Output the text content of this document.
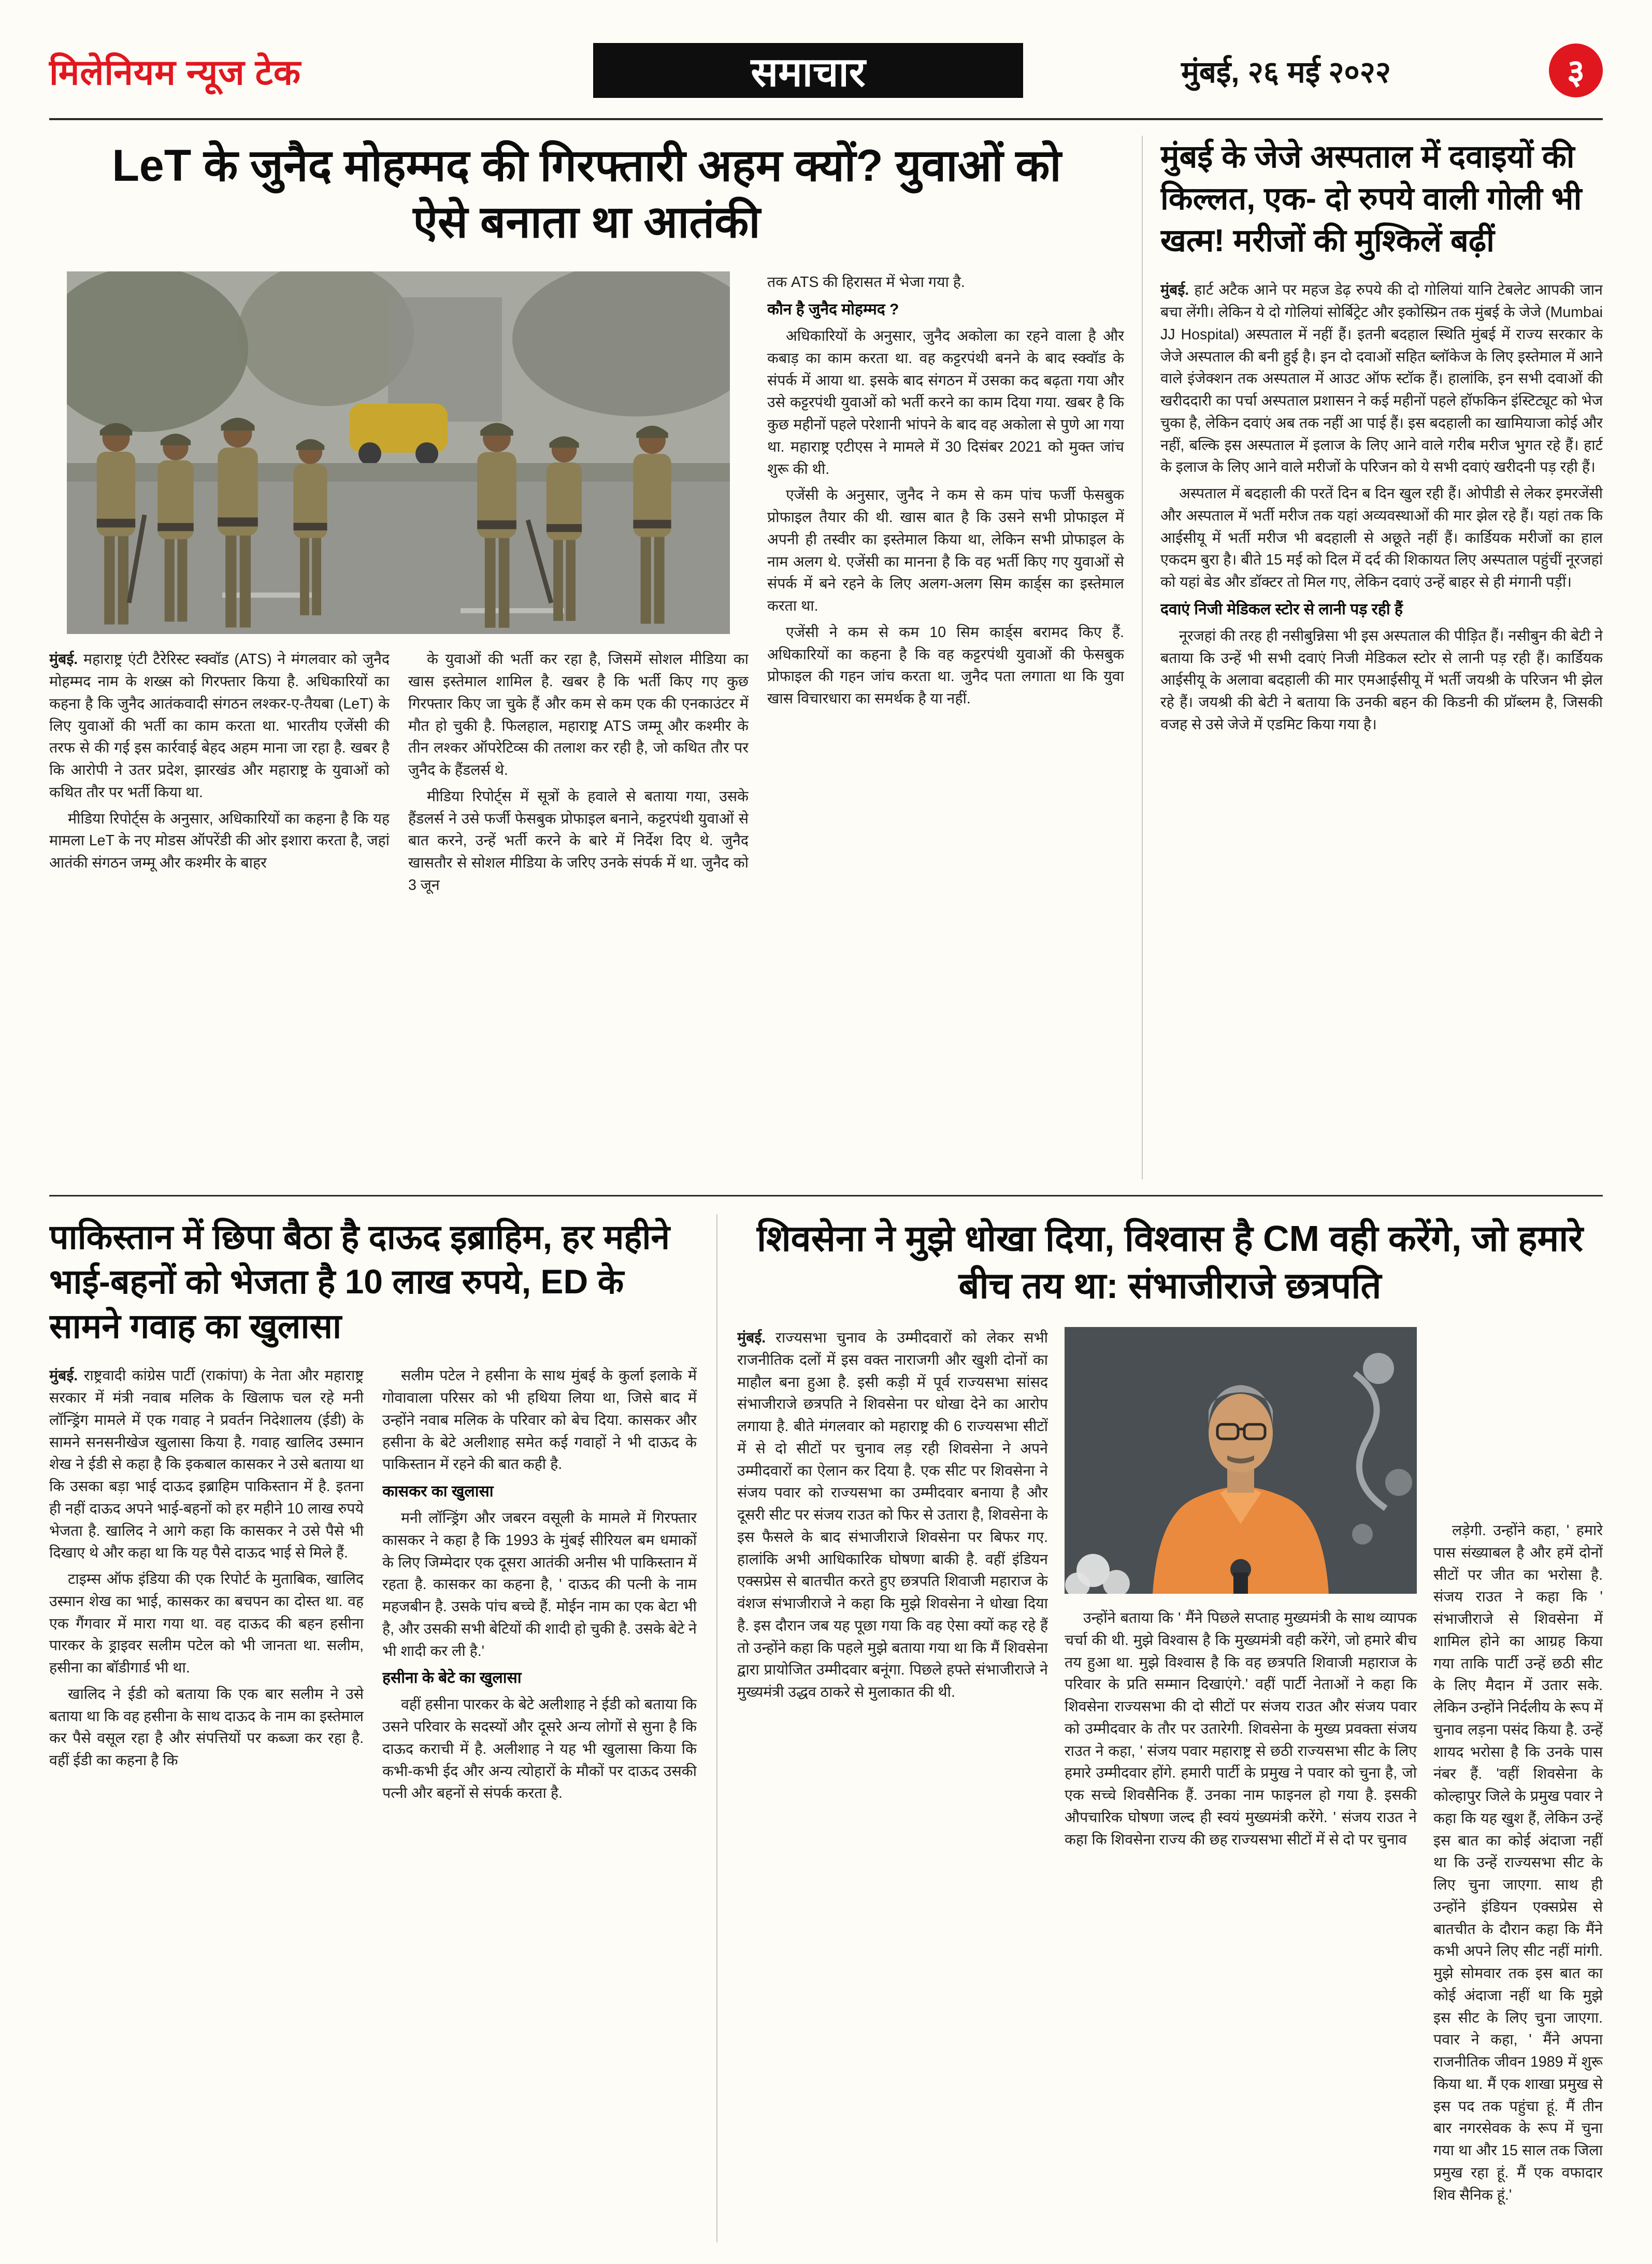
मिलेनियम न्यूज टेक	समाचार	मुंबई, २६ मई २०२२	३
LeT के जुनैद मोहम्मद की गिरफ्तारी अहम क्यों? युवाओं को ऐसे बनाता था आतंकी

मुंबई. महाराष्ट्र एंटी टैरेरिस्ट स्क्वॉड (ATS) ने मंगलवार को जुनैद मोहम्मद नाम के शख्स को गिरफ्तार किया है. अधिकारियों का कहना है कि जुनैद आतंकवादी संगठन लश्कर-ए-तैयबा (LeT) के लिए युवाओं की भर्ती का काम करता था. भारतीय एजेंसी की तरफ से की गई इस कार्रवाई बेहद अहम माना जा रहा है. खबर है कि आरोपी ने उतर प्रदेश, झारखंड और महाराष्ट्र के युवाओं को कथित तौर पर भर्ती किया था.

मीडिया रिपोर्ट्स के अनुसार, अधिकारियों का कहना है कि यह मामला LeT के नए मोडस ऑपरेंडी की ओर इशारा करता है, जहां आतंकी संगठन जम्मू और कश्मीर के बाहर

के युवाओं की भर्ती कर रहा है, जिसमें सोशल मीडिया का खास इस्तेमाल शामिल है. खबर है कि भर्ती किए गए कुछ गिरफ्तार किए जा चुके हैं और कम से कम एक की एनकाउंटर में मौत हो चुकी है. फिलहाल, महाराष्ट्र ATS जम्मू और कश्मीर के तीन लश्कर ऑपरेटिव्स की तलाश कर रही है, जो कथित तौर पर जुनैद के हैंडलर्स थे.

मीडिया रिपोर्ट्स में सूत्रों के हवाले से बताया गया, उसके हैंडलर्स ने उसे फर्जी फेसबुक प्रोफाइल बनाने, कट्टरपंथी युवाओं से बात करने, उन्हें भर्ती करने के बारे में निर्देश दिए थे. जुनैद खासतौर से सोशल मीडिया के जरिए उनके संपर्क में था. जुनैद को 3 जून

तक ATS की हिरासत में भेजा गया है.

कौन है जुनैद मोहम्मद ?

अधिकारियों के अनुसार, जुनैद अकोला का रहने वाला है और कबाड़ का काम करता था. वह कट्टरपंथी बनने के बाद स्क्वॉड के संपर्क में आया था. इसके बाद संगठन में उसका कद बढ़ता गया और उसे कट्टरपंथी युवाओं को भर्ती करने का काम दिया गया. खबर है कि कुछ महीनों पहले परेशानी भांपने के बाद वह अकोला से पुणे आ गया था. महाराष्ट्र एटीएस ने मामले में 30 दिसंबर 2021 को मुक्त जांच शुरू की थी.

एजेंसी के अनुसार, जुनैद ने कम से कम पांच फर्जी फेसबुक प्रोफाइल तैयार की थी. खास बात है कि उसने सभी प्रोफाइल में अपनी ही तस्वीर का इस्तेमाल किया था, लेकिन सभी प्रोफाइल के नाम अलग थे. एजेंसी का मानना है कि वह भर्ती किए गए युवाओं से संपर्क में बने रहने के लिए अलग-अलग सिम कार्ड्स का इस्तेमाल करता था.

एजेंसी ने कम से कम 10 सिम कार्ड्स बरामद किए हैं. अधिकारियों का कहना है कि वह कट्टरपंथी युवाओं की फेसबुक प्रोफाइल की गहन जांच करता था. जुनैद पता लगाता था कि युवा खास विचारधारा का समर्थक है या नहीं.

मुंबई के जेजे अस्पताल में दवाइयों की किल्लत, एक- दो रुपये वाली गोली भी खत्म! मरीजों की मुश्किलें बढ़ीं

मुंबई. हार्ट अटैक आने पर महज डेढ़ रुपये की दो गोलियां यानि टेबलेट आपकी जान बचा लेंगी। लेकिन ये दो गोलियां सोर्बिट्रेट और इकोस्प्रिन तक मुंबई के जेजे (Mumbai JJ Hospital) अस्पताल में नहीं हैं। इतनी बदहाल स्थिति मुंबई में राज्य सरकार के जेजे अस्पताल की बनी हुई है। इन दो दवाओं सहित ब्लॉकेज के लिए इस्तेमाल में आने वाले इंजेक्शन तक अस्पताल में आउट ऑफ स्टॉक हैं। हालांकि, इन सभी दवाओं की खरीददारी का पर्चा अस्पताल प्रशासन ने कई महीनों पहले हॉफकिन इंस्टिट्यूट को भेज चुका है, लेकिन दवाएं अब तक नहीं आ पाई हैं। इस बदहाली का खामियाजा कोई और नहीं, बल्कि इस अस्पताल में इलाज के लिए आने वाले गरीब मरीज भुगत रहे हैं। हार्ट के इलाज के लिए आने वाले मरीजों के परिजन को ये सभी दवाएं खरीदनी पड़ रही हैं।

अस्पताल में बदहाली की परतें दिन ब दिन खुल रही हैं। ओपीडी से लेकर इमरजेंसी और अस्पताल में भर्ती मरीज तक यहां अव्यवस्थाओं की मार झेल रहे हैं। यहां तक कि आईसीयू में भर्ती मरीज भी बदहाली से अछूते नहीं हैं। कार्डियक मरीजों का हाल एकदम बुरा है। बीते 15 मई को दिल में दर्द की शिकायत लिए अस्पताल पहुंचीं नूरजहां को यहां बेड और डॉक्टर तो मिल गए, लेकिन दवाएं उन्हें बाहर से ही मंगानी पड़ीं।

दवाएं निजी मेडिकल स्टोर से लानी पड़ रही हैं

नूरजहां की तरह ही नसीबुन्निसा भी इस अस्पताल की पीड़ित हैं। नसीबुन की बेटी ने बताया कि उन्हें भी सभी दवाएं निजी मेडिकल स्टोर से लानी पड़ रही हैं। कार्डियक आईसीयू के अलावा बदहाली की मार एमआईसीयू में भर्ती जयश्री के परिजन भी झेल रहे हैं। जयश्री की बेटी ने बताया कि उनकी बहन की किडनी की प्रॉब्लम है, जिसकी वजह से उसे जेजे में एडमिट किया गया है।

पाकिस्तान में छिपा बैठा है दाऊद इब्राहिम, हर महीने भाई-बहनों को भेजता है 10 लाख रुपये, ED के सामने गवाह का खुलासा

मुंबई. राष्ट्रवादी कांग्रेस पार्टी (राकांपा) के नेता और महाराष्ट्र सरकार में मंत्री नवाब मलिक के खिलाफ चल रहे मनी लॉन्ड्रिंग मामले में एक गवाह ने प्रवर्तन निदेशालय (ईडी) के सामने सनसनीखेज खुलासा किया है. गवाह खालिद उस्मान शेख ने ईडी से कहा है कि इकबाल कासकर ने उसे बताया था कि उसका बड़ा भाई दाऊद इब्राहिम पाकिस्तान में है. इतना ही नहीं दाऊद अपने भाई-बहनों को हर महीने 10 लाख रुपये भेजता है. खालिद ने आगे कहा कि कासकर ने उसे पैसे भी दिखाए थे और कहा था कि यह पैसे दाऊद भाई से मिले हैं.

टाइम्स ऑफ इंडिया की एक रिपोर्ट के मुताबिक, खालिद उस्मान शेख का भाई, कासकर का बचपन का दोस्त था. वह एक गैंगवार में मारा गया था. वह दाऊद की बहन हसीना पारकर के ड्राइवर सलीम पटेल को भी जानता था. सलीम, हसीना का बॉडीगार्ड भी था.

खालिद ने ईडी को बताया कि एक बार सलीम ने उसे बताया था कि वह हसीना के साथ दाऊद के नाम का इस्तेमाल कर पैसे वसूल रहा है और संपत्तियों पर कब्जा कर रहा है. वहीं ईडी का कहना है कि

सलीम पटेल ने हसीना के साथ मुंबई के कुर्ला इलाके में गोवावाला परिसर को भी हथिया लिया था, जिसे बाद में उन्होंने नवाब मलिक के परिवार को बेच दिया. कासकर और हसीना के बेटे अलीशाह समेत कई गवाहों ने भी दाऊद के पाकिस्तान में रहने की बात कही है.

कासकर का खुलासा

मनी लॉन्ड्रिंग और जबरन वसूली के मामले में गिरफ्तार कासकर ने कहा है कि 1993 के मुंबई सीरियल बम धमाकों के लिए जिम्मेदार एक दूसरा आतंकी अनीस भी पाकिस्तान में रहता है. कासकर का कहना है, ' दाऊद की पत्नी के नाम महजबीन है. उसके पांच बच्चे हैं. मोईन नाम का एक बेटा भी है, और उसकी सभी बेटियों की शादी हो चुकी है. उसके बेटे ने भी शादी कर ली है.'

हसीना के बेटे का खुलासा

वहीं हसीना पारकर के बेटे अलीशाह ने ईडी को बताया कि उसने परिवार के सदस्यों और दूसरे अन्य लोगों से सुना है कि दाऊद कराची में है. अलीशाह ने यह भी खुलासा किया कि कभी-कभी ईद और अन्य त्योहारों के मौकों पर दाऊद उसकी पत्नी और बहनों से संपर्क करता है.

शिवसेना ने मुझे धोखा दिया, विश्वास है CM वही करेंगे, जो हमारे बीच तय था: संभाजीराजे छत्रपति

मुंबई. राज्यसभा चुनाव के उम्मीदवारों को लेकर सभी राजनीतिक दलों में इस वक्त नाराजगी और खुशी दोनों का माहौल बना हुआ है. इसी कड़ी में पूर्व राज्यसभा सांसद संभाजीराजे छत्रपति ने शिवसेना पर धोखा देने का आरोप लगाया है. बीते मंगलवार को महाराष्ट्र की 6 राज्यसभा सीटों में से दो सीटों पर चुनाव लड़ रही शिवसेना ने अपने उम्मीदवारों का ऐलान कर दिया है. एक सीट पर शिवसेना ने संजय पवार को राज्यसभा का उम्मीदवार बनाया है और दूसरी सीट पर संजय राउत को फिर से उतारा है, शिवसेना के इस फैसले के बाद संभाजीराजे शिवसेना पर बिफर गए. हालांकि अभी आधिकारिक घोषणा बाकी है. वहीं इंडियन एक्सप्रेस से बातचीत करते हुए छत्रपति शिवाजी महाराज के वंशज संभाजीराजे ने कहा कि मुझे शिवसेना ने धोखा दिया है. इस दौरान जब यह पूछा गया कि वह ऐसा क्यों कह रहे हैं तो उन्होंने कहा कि पहले मुझे बताया गया था कि मैं शिवसेना द्वारा प्रायोजित उम्मीदवार बनूंगा. पिछले हफ्ते संभाजीराजे ने मुख्यमंत्री उद्धव ठाकरे से मुलाकात की थी.

उन्होंने बताया कि ' मैंने पिछले सप्ताह मुख्यमंत्री के साथ व्यापक चर्चा की थी. मुझे विश्वास है कि मुख्यमंत्री वही करेंगे, जो हमारे बीच तय हुआ था. मुझे विश्वास है कि वह छत्रपति शिवाजी महाराज के परिवार के प्रति सम्मान दिखाएंगे.' वहीं पार्टी नेताओं ने कहा कि शिवसेना राज्यसभा की दो सीटों पर संजय राउत और संजय पवार को उम्मीदवार के तौर पर उतारेगी. शिवसेना के मुख्य प्रवक्ता संजय राउत ने कहा, ' संजय पवार महाराष्ट्र से छठी राज्यसभा सीट के लिए हमारे उम्मीदवार होंगे. हमारी पार्टी के प्रमुख ने पवार को चुना है, जो एक सच्चे शिवसैनिक हैं. उनका नाम फाइनल हो गया है. इसकी औपचारिक घोषणा जल्द ही स्वयं मुख्यमंत्री करेंगे. ' संजय राउत ने कहा कि शिवसेना राज्य की छह राज्यसभा सीटों में से दो पर चुनाव

लड़ेगी. उन्होंने कहा, ' हमारे पास संख्याबल है और हमें दोनों सीटों पर जीत का भरोसा है. संजय राउत ने कहा कि ' संभाजीराजे से शिवसेना में शामिल होने का आग्रह किया गया ताकि पार्टी उन्हें छठी सीट के लिए मैदान में उतार सके. लेकिन उन्होंने निर्दलीय के रूप में चुनाव लड़ना पसंद किया है. उन्हें शायद भरोसा है कि उनके पास नंबर हैं. 'वहीं शिवसेना के कोल्हापुर जिले के प्रमुख पवार ने कहा कि यह खुश हैं, लेकिन उन्हें इस बात का कोई अंदाजा नहीं था कि उन्हें राज्यसभा सीट के लिए चुना जाएगा. साथ ही उन्होंने इंडियन एक्सप्रेस से बातचीत के दौरान कहा कि मैंने कभी अपने लिए सीट नहीं मांगी. मुझे सोमवार तक इस बात का कोई अंदाजा नहीं था कि मुझे इस सीट के लिए चुना जाएगा. पवार ने कहा, ' मैंने अपना राजनीतिक जीवन 1989 में शुरू किया था. मैं एक शाखा प्रमुख से इस पद तक पहुंचा हूं. मैं तीन बार नगरसेवक के रूप में चुना गया था और 15 साल तक जिला प्रमुख रहा हूं. मैं एक वफादार शिव सैनिक हूं.'
